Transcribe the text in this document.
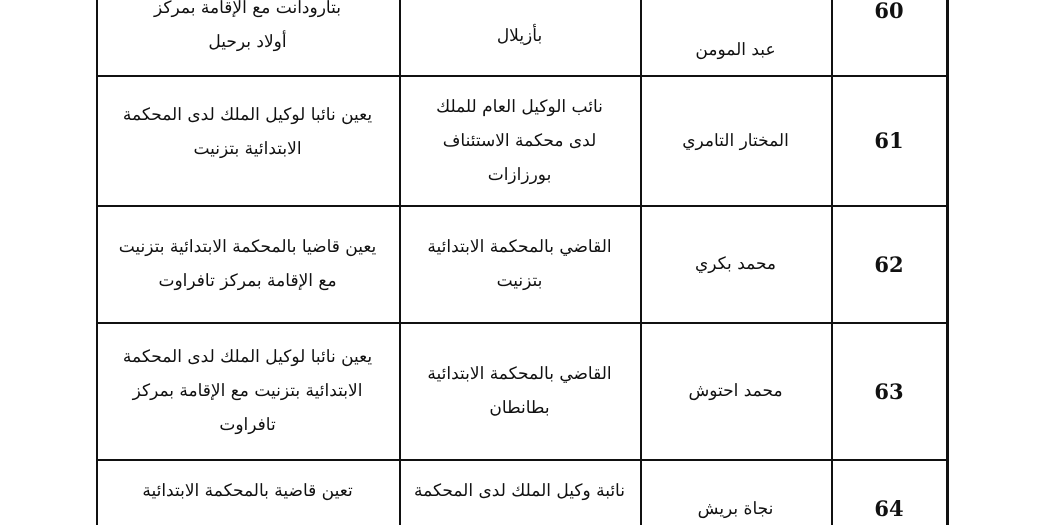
60
عبد المومن
بأزيلال
بتارودانت مع الإقامة بمركز
أولاد برحيل
61
المختار التامري
نائب الوكيل العام للملك
لدى محكمة الاستئناف
بورزازات
يعين نائبا لوكيل الملك لدى المحكمة
الابتدائية بتزنيت
62
محمد بكري
القاضي بالمحكمة الابتدائية
بتزنيت
يعين قاضيا بالمحكمة الابتدائية بتزنيت
مع الإقامة بمركز تافراوت
63
محمد احتوش
القاضي بالمحكمة الابتدائية
بطانطان
يعين نائبا لوكيل الملك لدى المحكمة
الابتدائية بتزنيت مع الإقامة بمركز
تافراوت
64
نجاة بريش
نائبة وكيل الملك لدى المحكمة
تعين قاضية بالمحكمة الابتدائية
